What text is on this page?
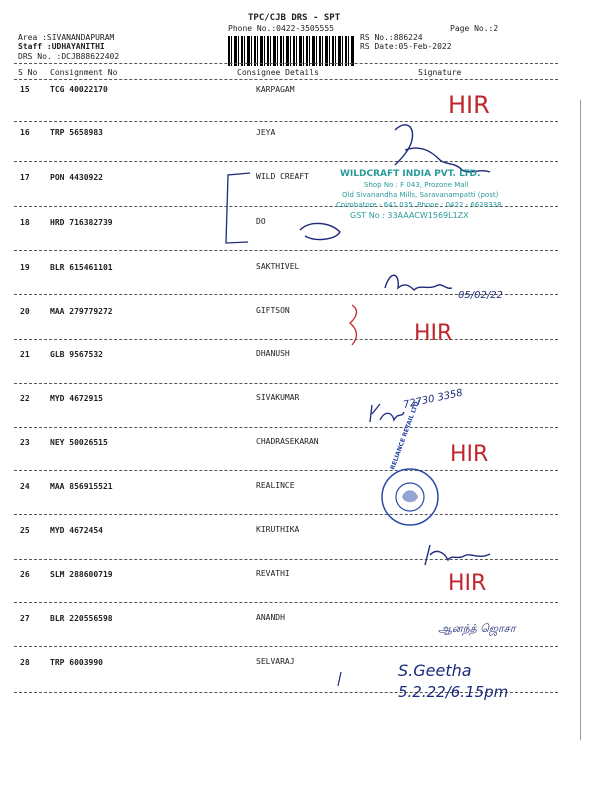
TPC/CJB DRS - SPT
Phone No.:0422-3505555	Page No.:2
Area :SIVANANDAPURAM
Staff :UDHAYANITHI
DRS No. :DCJB88622402
RS No.:886224
RS Date:05-Feb-2022
S No Consignment No	Consignee Details	Signature
15	TCG 40022170	KARPAGAM
16	TRP 5658983	JEYA
17	PON 4430922	WILD CREAFT
18	HRD 716382739	DO
19	BLR 615461101	SAKTHIVEL
20	MAA 279779272	GIFTSON
21	GLB 9567532	DHANUSH
22	MYD 4672915	SIVAKUMAR
23	NEY 50026515	CHADRASEKARAN
24	MAA 856915521	REALINCE
25	MYD 4672454	KIRUTHIKA
26	SLM 288600719	REVATHI
27	BLR 220556598	ANANDH
28	TRP 6003990	SELVARAJ
WILDCRAFT INDIA PVT. LTD.
Shop No : F 043, Prozone Mall
Old Sivanandha Mills, Saravanampatti (post)
Coimbatore - 641 035. Phone : 0422 - 6628338
GST No : 33AAACW1569L1ZX
HIR
HIR
HIR
HIR
05/02/22
72730 3358
RELIANCE RETAIL LTD.
ஆனந்த் ஜொசா
S.Geetha
5.2.22/6.15pm
